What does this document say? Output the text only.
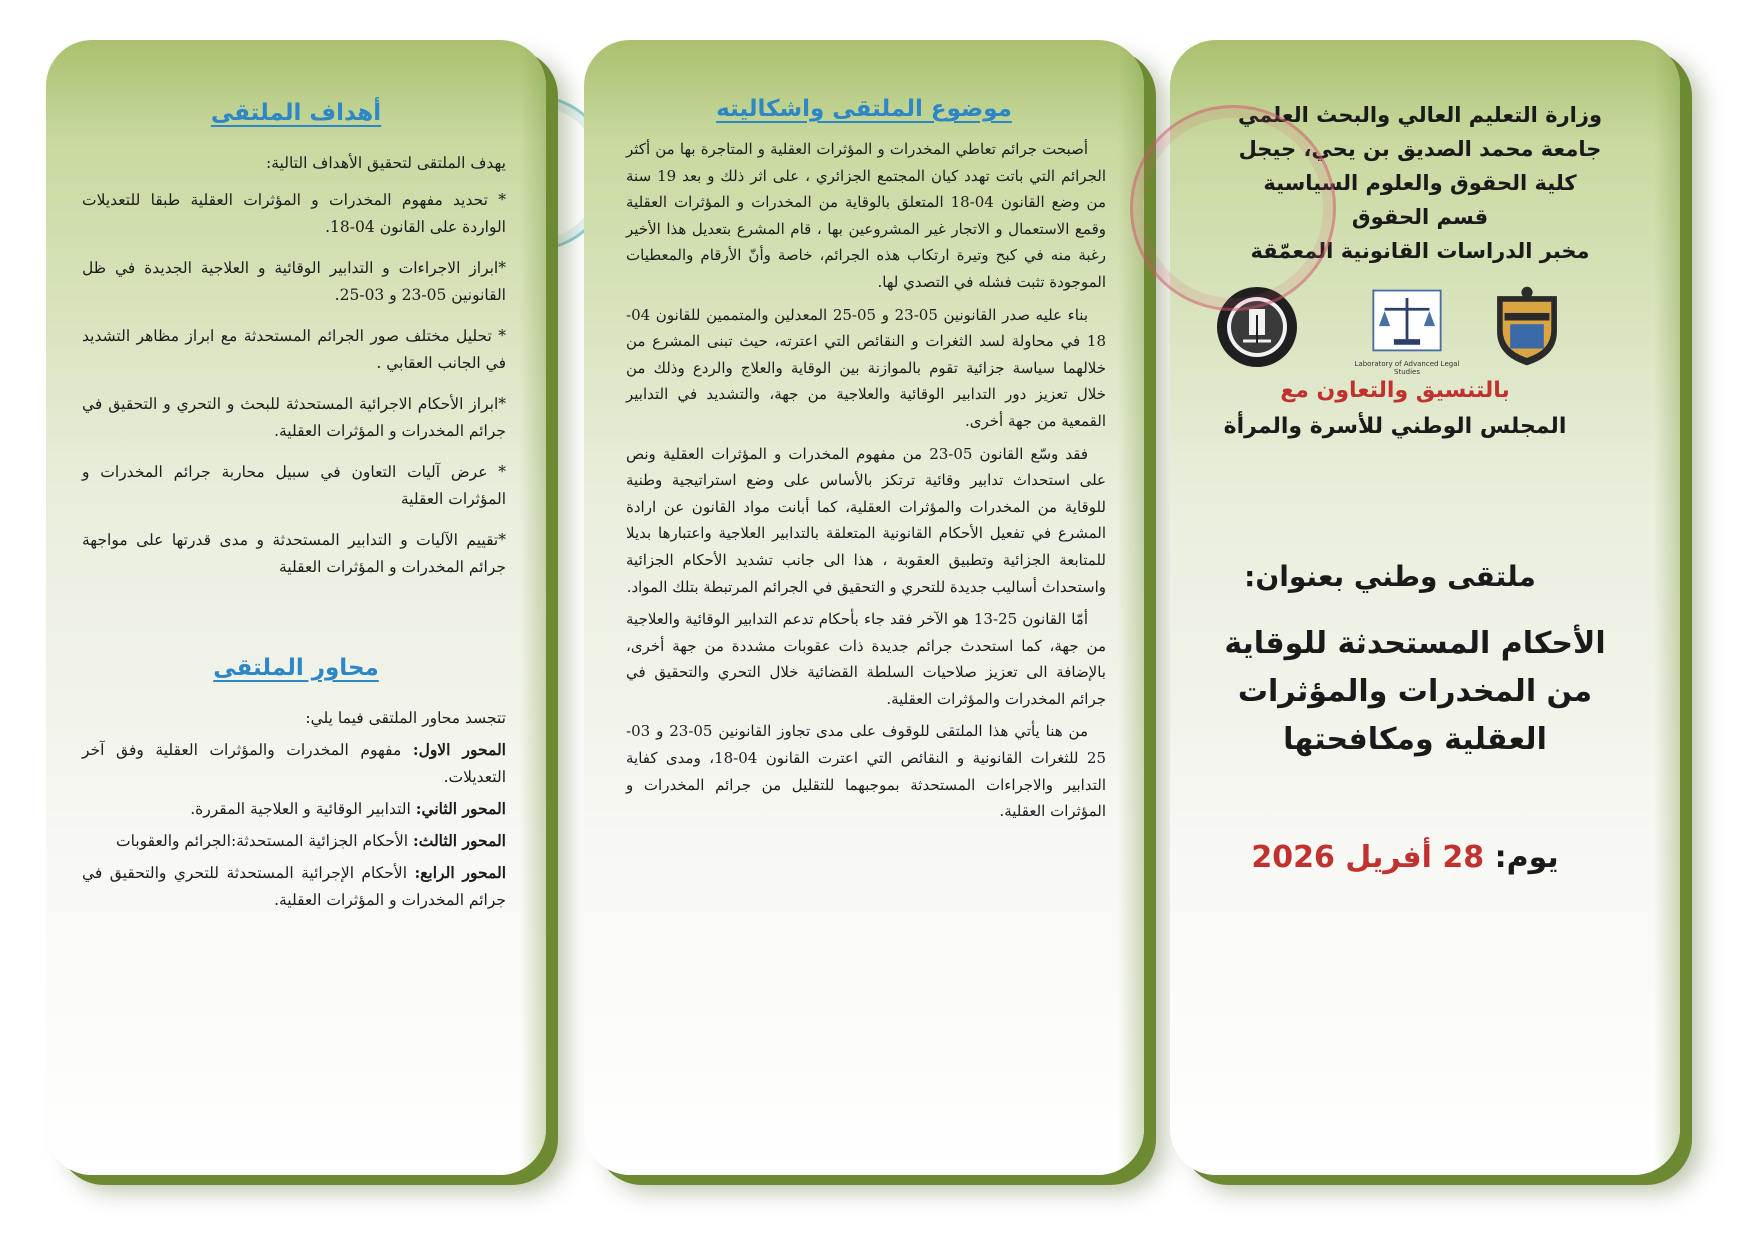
أهداف الملتقى

يهدف الملتقى لتحقيق الأهداف التالية:

* تحديد مفهوم المخدرات و المؤثرات العقلية طبقا للتعديلات الواردة على القانون 04-18.

*ابراز الاجراءات و التدابير الوقائية و العلاجية الجديدة في ظل القانونين 05-23 و 03-25.

* تحليل مختلف صور الجرائم المستحدثة مع ابراز مظاهر التشديد في الجانب العقابي .

*ابراز الأحكام الاجرائية المستحدثة للبحث و التحري و التحقيق في جرائم المخدرات و المؤثرات العقلية.

* عرض آليات التعاون في سبيل محاربة جرائم المخدرات و المؤثرات العقلية

*تقييم الآليات و التدابير المستحدثة و مدى قدرتها على مواجهة جرائم المخدرات و المؤثرات العقلية

محاور الملتقى

تتجسد محاور الملتقى فيما يلي:

المحور الاول: مفهوم المخدرات والمؤثرات العقلية وفق آخر التعديلات.

المحور الثاني: التدابير الوقائية و العلاجية المقررة.

المحور الثالث: الأحكام الجزائية المستحدثة:الجرائم والعقوبات

المحور الرابع: الأحكام الإجرائية المستحدثة للتحري والتحقيق في جرائم المخدرات و المؤثرات العقلية.

موضوع الملتقى واشكاليته

أصبحت جرائم تعاطي المخدرات و المؤثرات العقلية و المتاجرة بها من أكثر الجرائم التي باتت تهدد كيان المجتمع الجزائري ، على اثر ذلك و بعد 19 سنة من وضع القانون 04-18 المتعلق بالوقاية من المخدرات و المؤثرات العقلية وقمع الاستعمال و الاتجار غير المشروعين بها ، قام المشرع بتعديل هذا الأخير رغبة منه في كبح وتيرة ارتكاب هذه الجرائم، خاصة وأنّ الأرقام والمعطيات الموجودة تثبت فشله في التصدي لها.

بناء عليه صدر القانونين 05-23 و 05-25 المعدلين والمتممين للقانون 04-18 في محاولة لسد الثغرات و النقائص التي اعترته، حيث تبنى المشرع من خلالهما سياسة جزائية تقوم بالموازنة بين الوقاية والعلاج والردع وذلك من خلال تعزيز دور التدابير الوقائية والعلاجية من جهة، والتشديد في التدابير القمعية من جهة أخرى.

فقد وسّع القانون 05-23 من مفهوم المخدرات و المؤثرات العقلية ونص على استحداث تدابير وقائية ترتكز بالأساس على وضع استراتيجية وطنية للوقاية من المخدرات والمؤثرات العقلية، كما أبانت مواد القانون عن ارادة المشرع في تفعيل الأحكام القانونية المتعلقة بالتدابير العلاجية واعتبارها بديلا للمتابعة الجزائية وتطبيق العقوبة ، هذا الى جانب تشديد الأحكام الجزائية واستحداث أساليب جديدة للتحري و التحقيق في الجرائم المرتبطة بتلك المواد.

أمّا القانون 25-13 هو الآخر فقد جاء بأحكام تدعم التدابير الوقائية والعلاجية من جهة، كما استحدث جرائم جديدة ذات عقوبات مشددة من جهة أخرى، بالإضافة الى تعزيز صلاحيات السلطة القضائية خلال التحري والتحقيق في جرائم المخدرات والمؤثرات العقلية.

من هنا يأتي هذا الملتقى للوقوف على مدى تجاوز القانونين 05-23 و 03-25 للثغرات القانونية و النقائص التي اعترت القانون 04-18، ومدى كفاية التدابير والاجراءات المستحدثة بموجبهما للتقليل من جرائم المخدرات و المؤثرات العقلية.

وزارة التعليم العالي والبحث العلمي
جامعة محمد الصديق بن يحي، جيجل
كلية الحقوق والعلوم السياسية
قسم الحقوق
مخبر الدراسات القانونية المعمّقة
Laboratory of Advanced Legal Studies
بالتنسيق والتعاون مع
المجلس الوطني للأسرة والمرأة
ملتقى وطني بعنوان:
الأحكام المستحدثة للوقاية من المخدرات والمؤثرات العقلية ومكافحتها
يوم: 28 أفريل 2026
